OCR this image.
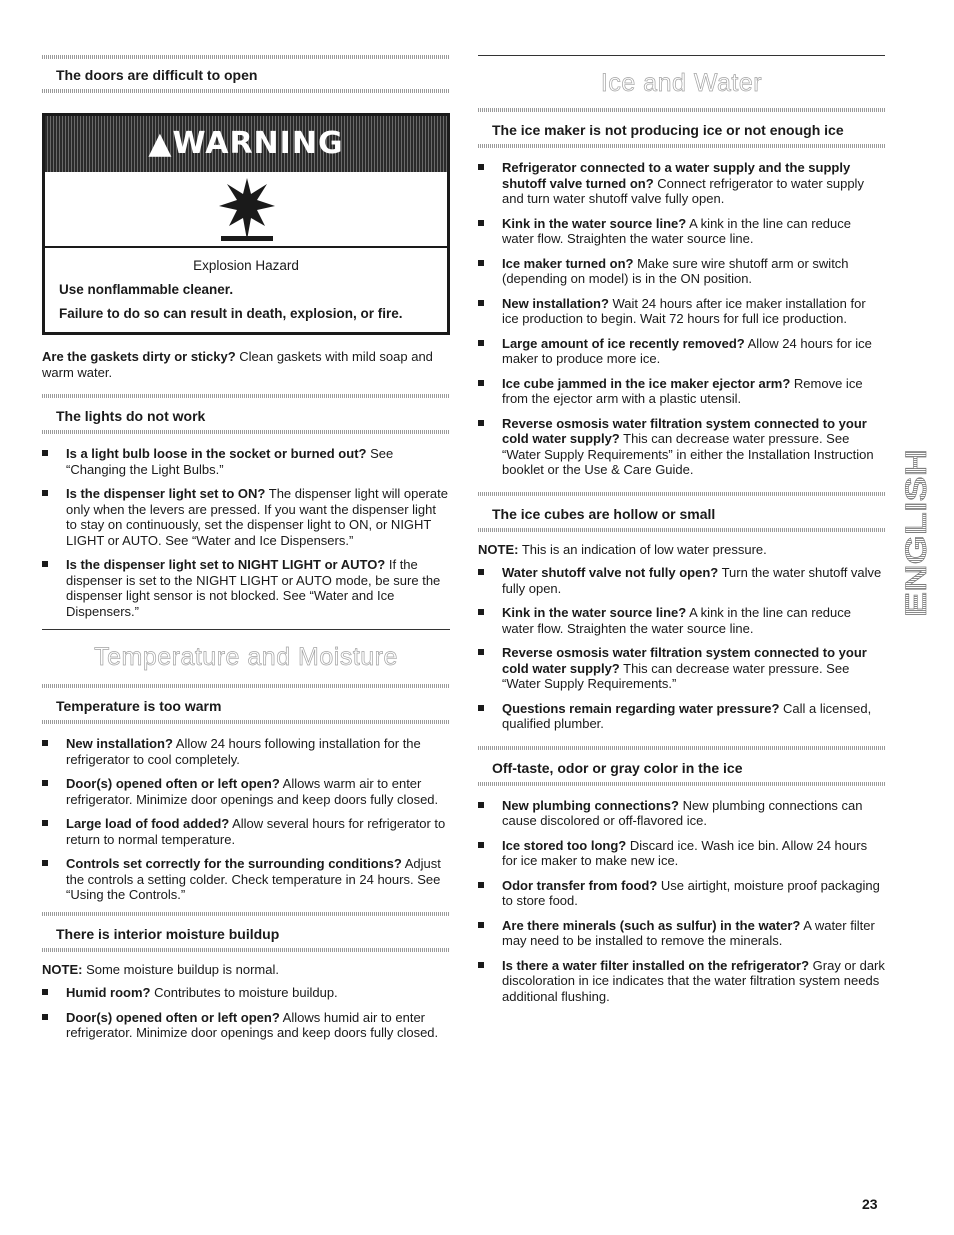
The doors are difficult to open
▲WARNING
Explosion Hazard
Use nonflammable cleaner.
Failure to do so can result in death, explosion, or fire.

Are the gaskets dirty or sticky? Clean gaskets with mild soap and warm water.

The lights do not work
Is a light bulb loose in the socket or burned out? See “Changing the Light Bulbs.”
Is the dispenser light set to ON? The dispenser light will operate only when the levers are pressed. If you want the dispenser light to stay on continuously, set the dispenser light to ON, or NIGHT LIGHT or AUTO. See “Water and Ice Dispensers.”
Is the dispenser light set to NIGHT LIGHT or AUTO? If the dispenser is set to the NIGHT LIGHT or AUTO mode, be sure the dispenser light sensor is not blocked. See “Water and Ice Dispensers.”
Temperature and Moisture
Temperature is too warm
New installation? Allow 24 hours following installation for the refrigerator to cool completely.
Door(s) opened often or left open? Allows warm air to enter refrigerator. Minimize door openings and keep doors fully closed.
Large load of food added? Allow several hours for refrigerator to return to normal temperature.
Controls set correctly for the surrounding conditions? Adjust the controls a setting colder. Check temperature in 24 hours. See “Using the Controls.”
There is interior moisture buildup

NOTE: Some moisture buildup is normal.

Humid room? Contributes to moisture buildup.
Door(s) opened often or left open? Allows humid air to enter refrigerator. Minimize door openings and keep doors fully closed.
Ice and Water
The ice maker is not producing ice or not enough ice
Refrigerator connected to a water supply and the supply shutoff valve turned on? Connect refrigerator to water supply and turn water shutoff valve fully open.
Kink in the water source line? A kink in the line can reduce water flow. Straighten the water source line.
Ice maker turned on? Make sure wire shutoff arm or switch (depending on model) is in the ON position.
New installation? Wait 24 hours after ice maker installation for ice production to begin. Wait 72 hours for full ice production.
Large amount of ice recently removed? Allow 24 hours for ice maker to produce more ice.
Ice cube jammed in the ice maker ejector arm? Remove ice from the ejector arm with a plastic utensil.
Reverse osmosis water filtration system connected to your cold water supply? This can decrease water pressure. See “Water Supply Requirements” in either the Installation Instruction booklet or the Use & Care Guide.
The ice cubes are hollow or small

NOTE: This is an indication of low water pressure.

Water shutoff valve not fully open? Turn the water shutoff valve fully open.
Kink in the water source line? A kink in the line can reduce water flow. Straighten the water source line.
Reverse osmosis water filtration system connected to your cold water supply? This can decrease water pressure. See “Water Supply Requirements.”
Questions remain regarding water pressure? Call a licensed, qualified plumber.
Off-taste, odor or gray color in the ice
New plumbing connections? New plumbing connections can cause discolored or off-flavored ice.
Ice stored too long? Discard ice. Wash ice bin. Allow 24 hours for ice maker to make new ice.
Odor transfer from food? Use airtight, moisture proof packaging to store food.
Are there minerals (such as sulfur) in the water? A water filter may need to be installed to remove the minerals.
Is there a water filter installed on the refrigerator? Gray or dark discoloration in ice indicates that the water filtration system needs additional flushing.
ENGLISH
23
